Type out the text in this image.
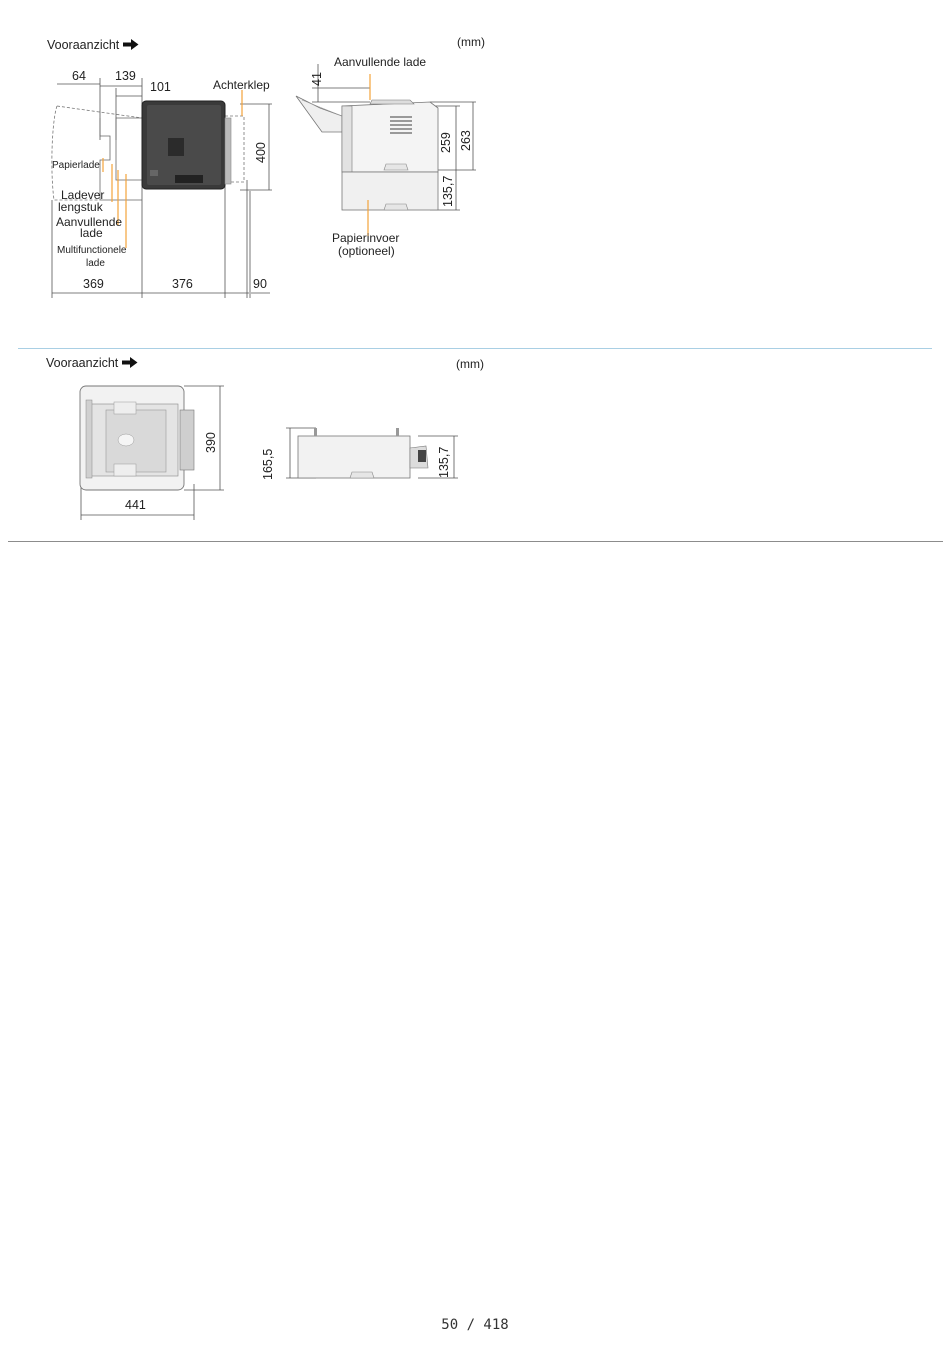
Vooraanzicht	(mm)
64 139
101	Achterklep
400
Papierlade
Ladever
lengstuk
Aanvullende
lade
Multifunctionele
lade
369	376	90
Aanvullende lade
41
259 263
135,7
Papierinvoer
(optioneel)
Vooraanzicht	(mm)
390
441
165,5	135,7
50 / 418
